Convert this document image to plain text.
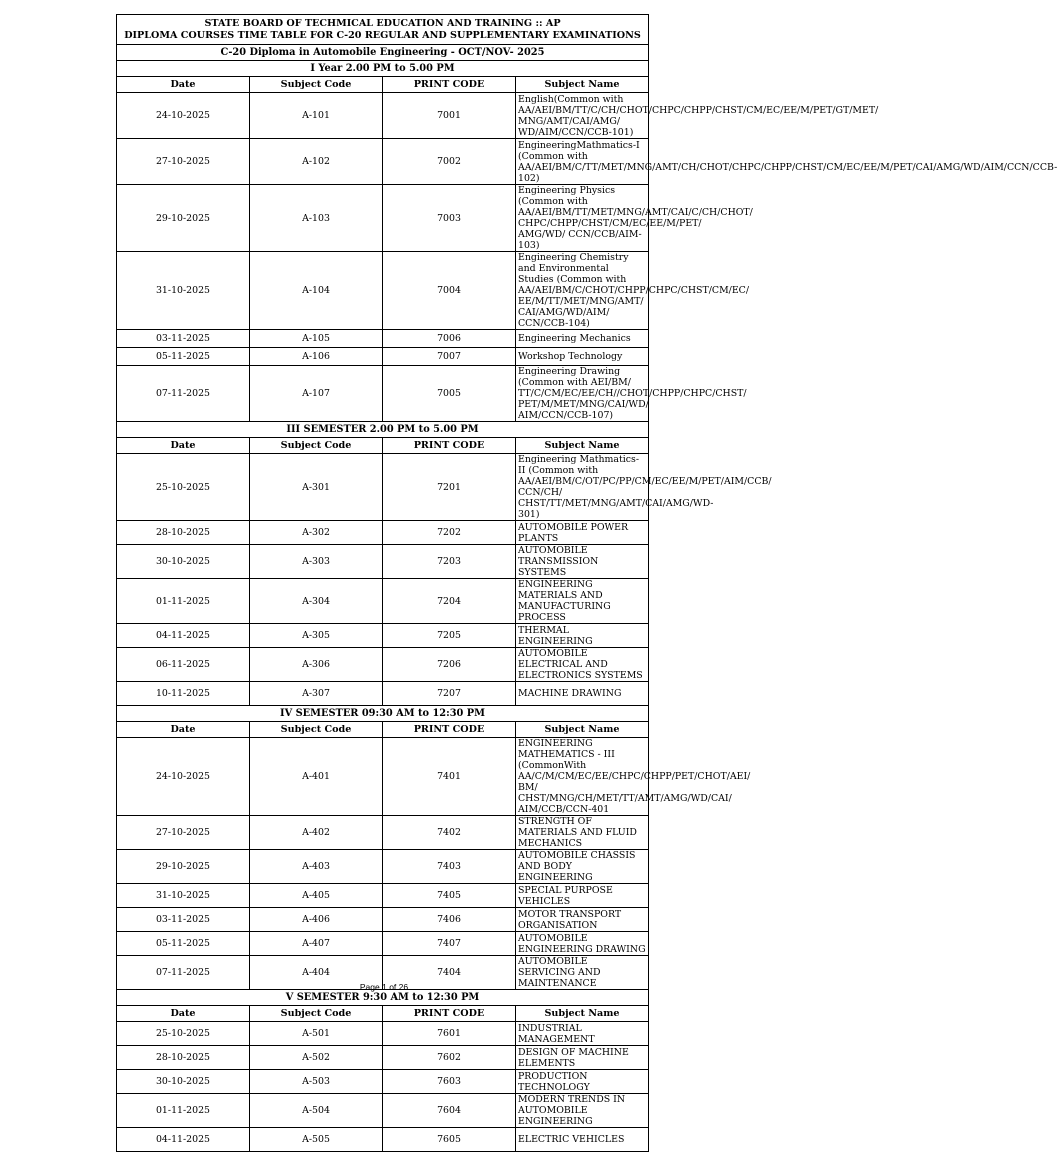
STATE BOARD OF TECHMICAL EDUCATION AND TRAINING :: AP
DIPLOMA COURSES TIME TABLE FOR C-20 REGULAR AND SUPPLEMENTARY EXAMINATIONS			

C-20 Diploma in Automobile Engineering - OCT/NOV- 2025			
I Year 2.00 PM to 5.00 PM			
Date	Subject Code	PRINT CODE	Subject Name
24-10-2025	A-101	7001	English(Common with AA/AEI/BM/TT/C/CH/CHOT/CHPC/CHPP/CHST/CM/EC/EE/M/PET/GT/MET/ MNG/AMT/CAI/AMG/ WD/AIM/CCN/CCB-101)
27-10-2025	A-102	7002	EngineeringMathmatics-I (Common with AA/AEI/BM/C/TT/MET/MNG/AMT/CH/CHOT/CHPC/CHPP/CHST/CM/EC/EE/M/PET/CAI/AMG/WD/AIM/CCN/CCB-102)
29-10-2025	A-103	7003	Engineering Physics (Common with AA/AEI/BM/TT/MET/MNG/AMT/CAI/C/CH/CHOT/ CHPC/CHPP/CHST/CM/EC/EE/M/PET/ AMG/WD/ CCN/CCB/AIM-103)
31-10-2025	A-104	7004	Engineering Chemistry and Environmental Studies (Common with AA/AEI/BM/C/CHOT/CHPP/CHPC/CHST/CM/EC/ EE/M/TT/MET/MNG/AMT/ CAI/AMG/WD/AIM/ CCN/CCB-104)
03-11-2025	A-105	7006	Engineering Mechanics
05-11-2025	A-106	7007	Workshop Technology
07-11-2025	A-107	7005	Engineering Drawing (Common with AEI/BM/ TT/C/CM/EC/EE/CH//CHOT/CHPP/CHPC/CHST/ PET/M/MET/MNG/CAI/WD/ AIM/CCN/CCB-107)
III SEMESTER 2.00 PM to 5.00 PM			
Date	Subject Code	PRINT CODE	Subject Name
25-10-2025	A-301	7201	Engineering Mathmatics-II (Common with AA/AEI/BM/C/OT/PC/PP/CM/EC/EE/M/PET/AIM/CCB/ CCN/CH/ CHST/TT/MET/MNG/AMT/CAI/AMG/WD-301)
28-10-2025	A-302	7202	AUTOMOBILE POWER PLANTS
30-10-2025	A-303	7203	AUTOMOBILE TRANSMISSION SYSTEMS
01-11-2025	A-304	7204	ENGINEERING MATERIALS AND MANUFACTURING PROCESS
04-11-2025	A-305	7205	THERMAL ENGINEERING
06-11-2025	A-306	7206	AUTOMOBILE ELECTRICAL AND ELECTRONICS SYSTEMS
10-11-2025	A-307	7207	MACHINE DRAWING
IV SEMESTER 09:30 AM to 12:30 PM			
Date	Subject Code	PRINT CODE	Subject Name
24-10-2025	A-401	7401	ENGINEERING MATHEMATICS - III (CommonWith AA/C/M/CM/EC/EE/CHPC/CHPP/PET/CHOT/AEI/ BM/ CHST/MNG/CH/MET/TT/AMT/AMG/WD/CAI/ AIM/CCB/CCN-401
27-10-2025	A-402	7402	STRENGTH OF MATERIALS AND FLUID MECHANICS
29-10-2025	A-403	7403	AUTOMOBILE CHASSIS AND BODY ENGINEERING
31-10-2025	A-405	7405	SPECIAL PURPOSE VEHICLES
03-11-2025	A-406	7406	MOTOR TRANSPORT ORGANISATION
05-11-2025	A-407	7407	AUTOMOBILE ENGINEERING DRAWING
07-11-2025	A-404	7404	AUTOMOBILE SERVICING AND MAINTENANCE
V SEMESTER 9:30 AM to 12:30 PM			
Date	Subject Code	PRINT CODE	Subject Name
25-10-2025	A-501	7601	INDUSTRIAL MANAGEMENT
28-10-2025	A-502	7602	DESIGN OF MACHINE ELEMENTS
30-10-2025	A-503	7603	PRODUCTION TECHNOLOGY
01-11-2025	A-504	7604	MODERN TRENDS IN AUTOMOBILE ENGINEERING
04-11-2025	A-505	7605	ELECTRIC VEHICLES
Page 1 of 26
